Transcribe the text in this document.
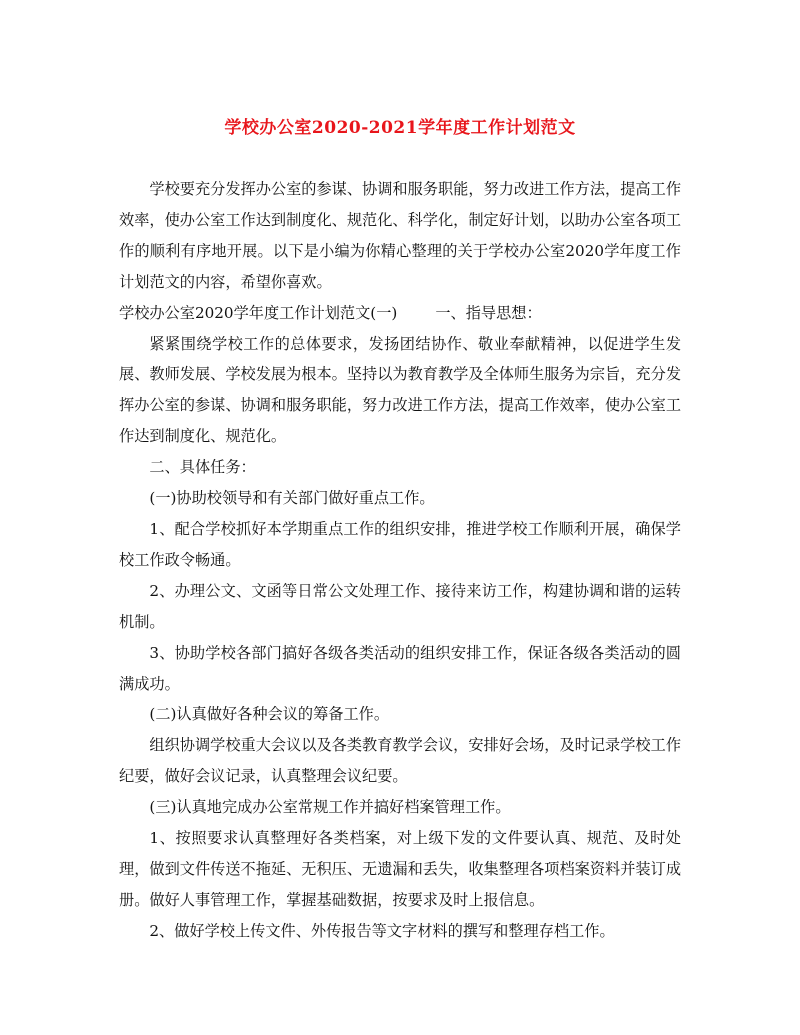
学校办公室2020-2021学年度工作计划范文

学校要充分发挥办公室的参谋、协调和服务职能，努力改进工作方法，提高工作效率，使办公室工作达到制度化、规范化、科学化，制定好计划，以助办公室各项工作的顺利有序地开展。以下是小编为你精心整理的关于学校办公室2020学年度工作计划范文的内容，希望你喜欢。

学校办公室2020学年度工作计划范文(一)	一、指导思想：

紧紧围绕学校工作的总体要求，发扬团结协作、敬业奉献精神，以促进学生发展、教师发展、学校发展为根本。坚持以为教育教学及全体师生服务为宗旨，充分发挥办公室的参谋、协调和服务职能，努力改进工作方法，提高工作效率，使办公室工作达到制度化、规范化。

二、具体任务：

(一)协助校领导和有关部门做好重点工作。

1、配合学校抓好本学期重点工作的组织安排，推进学校工作顺利开展，确保学校工作政令畅通。

2、办理公文、文函等日常公文处理工作、接待来访工作，构建协调和谐的运转机制。

3、协助学校各部门搞好各级各类活动的组织安排工作，保证各级各类活动的圆满成功。

(二)认真做好各种会议的筹备工作。

组织协调学校重大会议以及各类教育教学会议，安排好会场，及时记录学校工作纪要，做好会议记录，认真整理会议纪要。

(三)认真地完成办公室常规工作并搞好档案管理工作。

1、按照要求认真整理好各类档案，对上级下发的文件要认真、规范、及时处理，做到文件传送不拖延、无积压、无遗漏和丢失，收集整理各项档案资料并装订成册。做好人事管理工作，掌握基础数据，按要求及时上报信息。

2、做好学校上传文件、外传报告等文字材料的撰写和整理存档工作。
